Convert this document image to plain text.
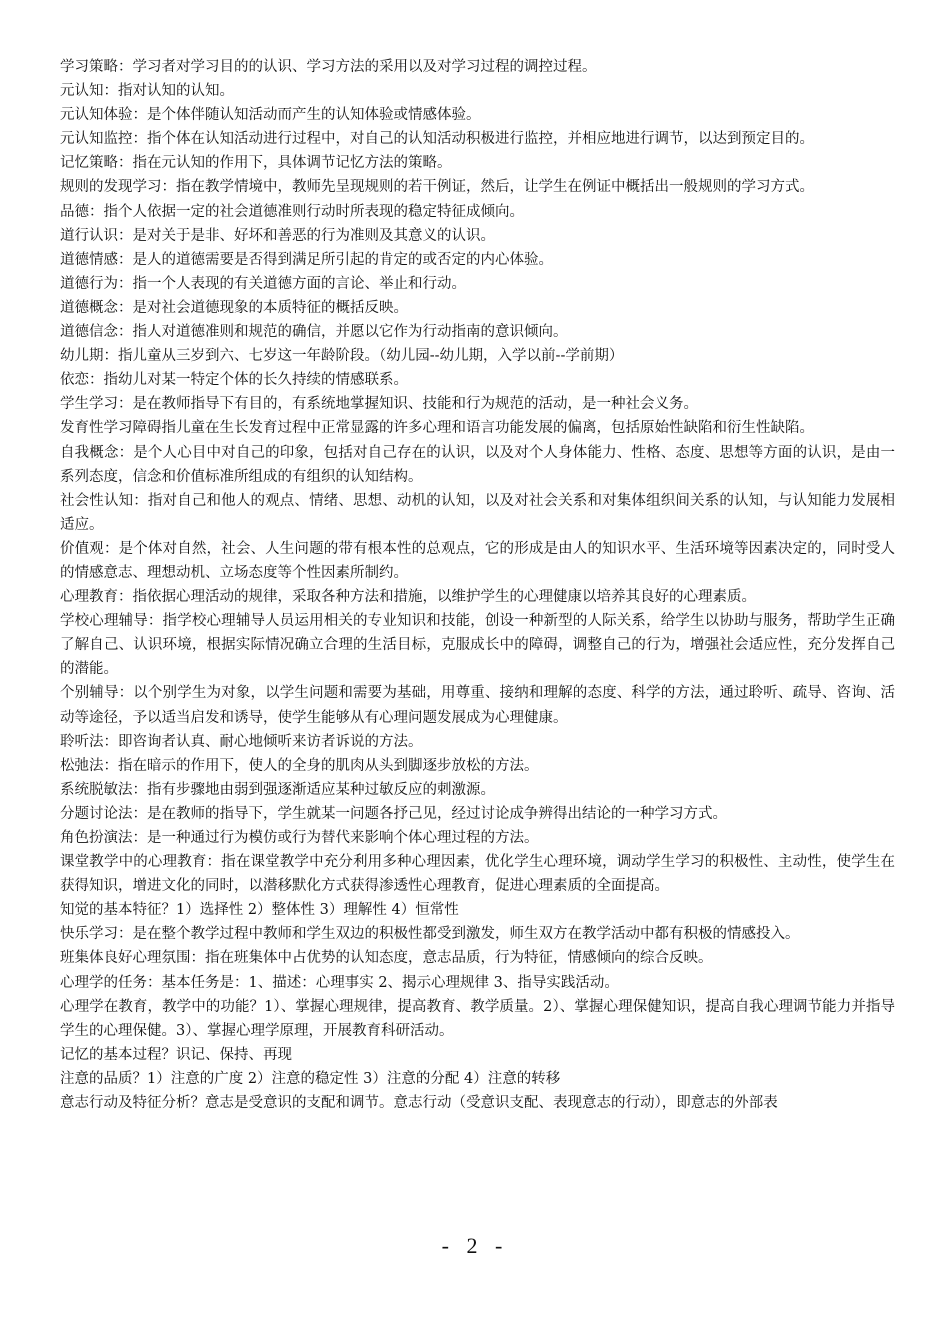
学习策略：学习者对学习目的的认识、学习方法的采用以及对学习过程的调控过程。

元认知：指对认知的认知。

元认知体验：是个体伴随认知活动而产生的认知体验或情感体验。

元认知监控：指个体在认知活动进行过程中，对自己的认知活动积极进行监控，并相应地进行调节，以达到预定目的。

记忆策略：指在元认知的作用下，具体调节记忆方法的策略。

规则的发现学习：指在教学情境中，教师先呈现规则的若干例证，然后，让学生在例证中概括出一般规则的学习方式。

品德：指个人依据一定的社会道德准则行动时所表现的稳定特征成倾向。

道行认识：是对关于是非、好坏和善恶的行为准则及其意义的认识。

道德情感：是人的道德需要是否得到满足所引起的肯定的或否定的内心体验。

道德行为：指一个人表现的有关道德方面的言论、举止和行动。

道德概念：是对社会道德现象的本质特征的概括反映。

道德信念：指人对道德准则和规范的确信，并愿以它作为行动指南的意识倾向。

幼儿期：指儿童从三岁到六、七岁这一年龄阶段。（幼儿园--幼儿期，入学以前--学前期）

依恋：指幼儿对某一特定个体的长久持续的情感联系。

学生学习：是在教师指导下有目的，有系统地掌握知识、技能和行为规范的活动，是一种社会义务。

发育性学习障碍指儿童在生长发育过程中正常显露的许多心理和语言功能发展的偏离，包括原始性缺陷和衍生性缺陷。

自我概念：是个人心目中对自己的印象，包括对自己存在的认识，以及对个人身体能力、性格、态度、思想等方面的认识，是由一系列态度，信念和价值标准所组成的有组织的认知结构。

社会性认知：指对自己和他人的观点、情绪、思想、动机的认知，以及对社会关系和对集体组织间关系的认知，与认知能力发展相适应。

价值观：是个体对自然，社会、人生问题的带有根本性的总观点，它的形成是由人的知识水平、生活环境等因素决定的，同时受人的情感意志、理想动机、立场态度等个性因素所制约。

心理教育：指依据心理活动的规律，采取各种方法和措施，以维护学生的心理健康以培养其良好的心理素质。

学校心理辅导：指学校心理辅导人员运用相关的专业知识和技能，创设一种新型的人际关系，给学生以协助与服务，帮助学生正确了解自己、认识环境，根据实际情况确立合理的生活目标，克服成长中的障碍，调整自己的行为，增强社会适应性，充分发挥自己的潜能。

个别辅导：以个别学生为对象，以学生问题和需要为基础，用尊重、接纳和理解的态度、科学的方法，通过聆听、疏导、咨询、活动等途径，予以适当启发和诱导，使学生能够从有心理问题发展成为心理健康。

聆听法：即咨询者认真、耐心地倾听来访者诉说的方法。

松弛法：指在暗示的作用下，使人的全身的肌肉从头到脚逐步放松的方法。

系统脱敏法：指有步骤地由弱到强逐渐适应某种过敏反应的刺激源。

分题讨论法：是在教师的指导下，学生就某一问题各抒己见，经过讨论成争辨得出结论的一种学习方式。

角色扮演法：是一种通过行为模仿或行为替代来影响个体心理过程的方法。

课堂教学中的心理教育：指在课堂教学中充分利用多种心理因素，优化学生心理环境，调动学生学习的积极性、主动性，使学生在获得知识，增进文化的同时，以潜移默化方式获得渗透性心理教育，促进心理素质的全面提高。

知觉的基本特征？1）选择性 2）整体性 3）理解性 4）恒常性

快乐学习：是在整个教学过程中教师和学生双边的积极性都受到激发，师生双方在教学活动中都有积极的情感投入。

班集体良好心理氛围：指在班集体中占优势的认知态度，意志品质，行为特征，情感倾向的综合反映。

心理学的任务：基本任务是：1、描述：心理事实 2、揭示心理规律 3、指导实践活动。

心理学在教育，教学中的功能？1）、掌握心理规律，提高教育、教学质量。2）、掌握心理保健知识，提高自我心理调节能力并指导学生的心理保健。3）、掌握心理学原理，开展教育科研活动。

记忆的基本过程？识记、保持、再现

注意的品质？1）注意的广度 2）注意的稳定性 3）注意的分配 4）注意的转移

意志行动及特征分析？意志是受意识的支配和调节。意志行动（受意识支配、表现意志的行动），即意志的外部表

- 2 -
